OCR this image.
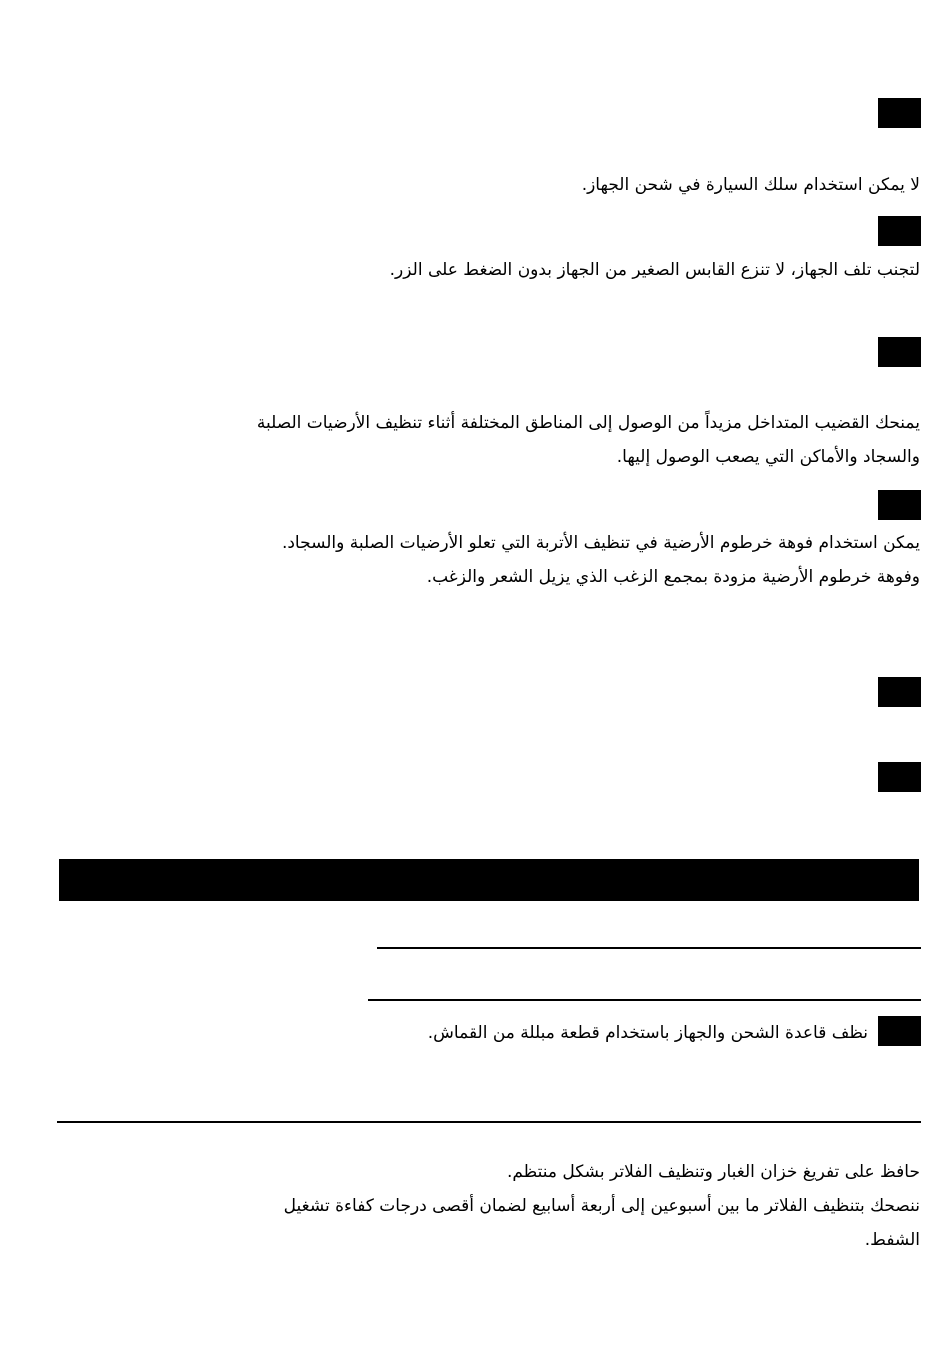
لا يمكن استخدام سلك السيارة في شحن الجهاز.
لتجنب تلف الجهاز، لا تنزع القابس الصغير من الجهاز بدون الضغط على الزر.
يمنحك القضيب المتداخل مزيداً من الوصول إلى المناطق المختلفة أثناء تنظيف الأرضيات الصلبة
والسجاد والأماكن التي يصعب الوصول إليها.
يمكن استخدام فوهة خرطوم الأرضية في تنظيف الأتربة التي تعلو الأرضيات الصلبة والسجاد.
وفوهة خرطوم الأرضية مزودة بمجمع الزغب الذي يزيل الشعر والزغب.
نظف قاعدة الشحن والجهاز باستخدام قطعة مبللة من القماش.
حافظ على تفريغ خزان الغبار وتنظيف الفلاتر بشكل منتظم.
ننصحك بتنظيف الفلاتر ما بين أسبوعين إلى أربعة أسابيع لضمان أقصى درجات كفاءة تشغيل
الشفط.
